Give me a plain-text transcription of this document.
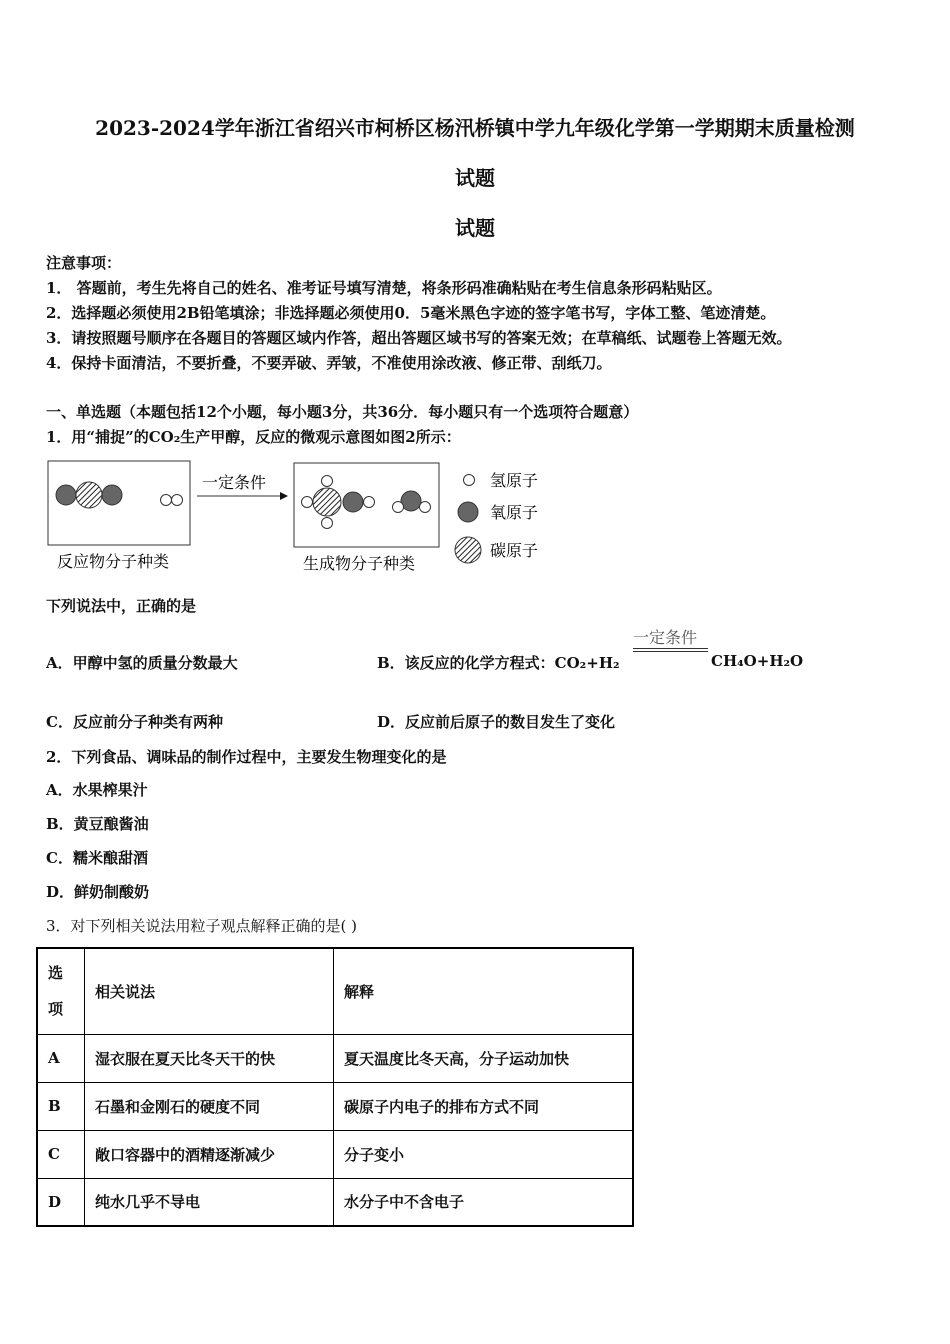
2023-2024学年浙江省绍兴市柯桥区杨汛桥镇中学九年级化学第一学期期末质量检测
试题
试题
注意事项：
1． 答题前，考生先将自己的姓名、准考证号填写清楚，将条形码准确粘贴在考生信息条形码粘贴区。
2．选择题必须使用2B铅笔填涂；非选择题必须使用0．5毫米黑色字迹的签字笔书写，字体工整、笔迹清楚。
3．请按照题号顺序在各题目的答题区域内作答，超出答题区域书写的答案无效；在草稿纸、试题卷上答题无效。
4．保持卡面清洁，不要折叠，不要弄破、弄皱，不准使用涂改液、修正带、刮纸刀。
一、单选题（本题包括12个小题，每小题3分，共36分．每小题只有一个选项符合题意）
1．用“捕捉”的CO₂生产甲醇，反应的微观示意图如图2所示：
一定条件
反应物分子种类	生成物分子种类
氢原子
氧原子
碳原子
下列说法中，正确的是
A．甲醇中氢的质量分数最大	B．该反应的化学方程式：CO₂+H₂
一定条件
CH₄O+H₂O
C．反应前分子种类有两种	D．反应前后原子的数目发生了变化
2．下列食品、调味品的制作过程中，主要发生物理变化的是
A．水果榨果汁
B．黄豆酿酱油
C．糯米酿甜酒
D．鲜奶制酸奶
3．对下列相关说法用粒子观点解释正确的是( )
选

项	相关说法	解释
A	湿衣服在夏天比冬天干的快	夏天温度比冬天高，分子运动加快
B	石墨和金刚石的硬度不同	碳原子内电子的排布方式不同
C	敞口容器中的酒精逐渐减少	分子变小
D	纯水几乎不导电	水分子中不含电子
